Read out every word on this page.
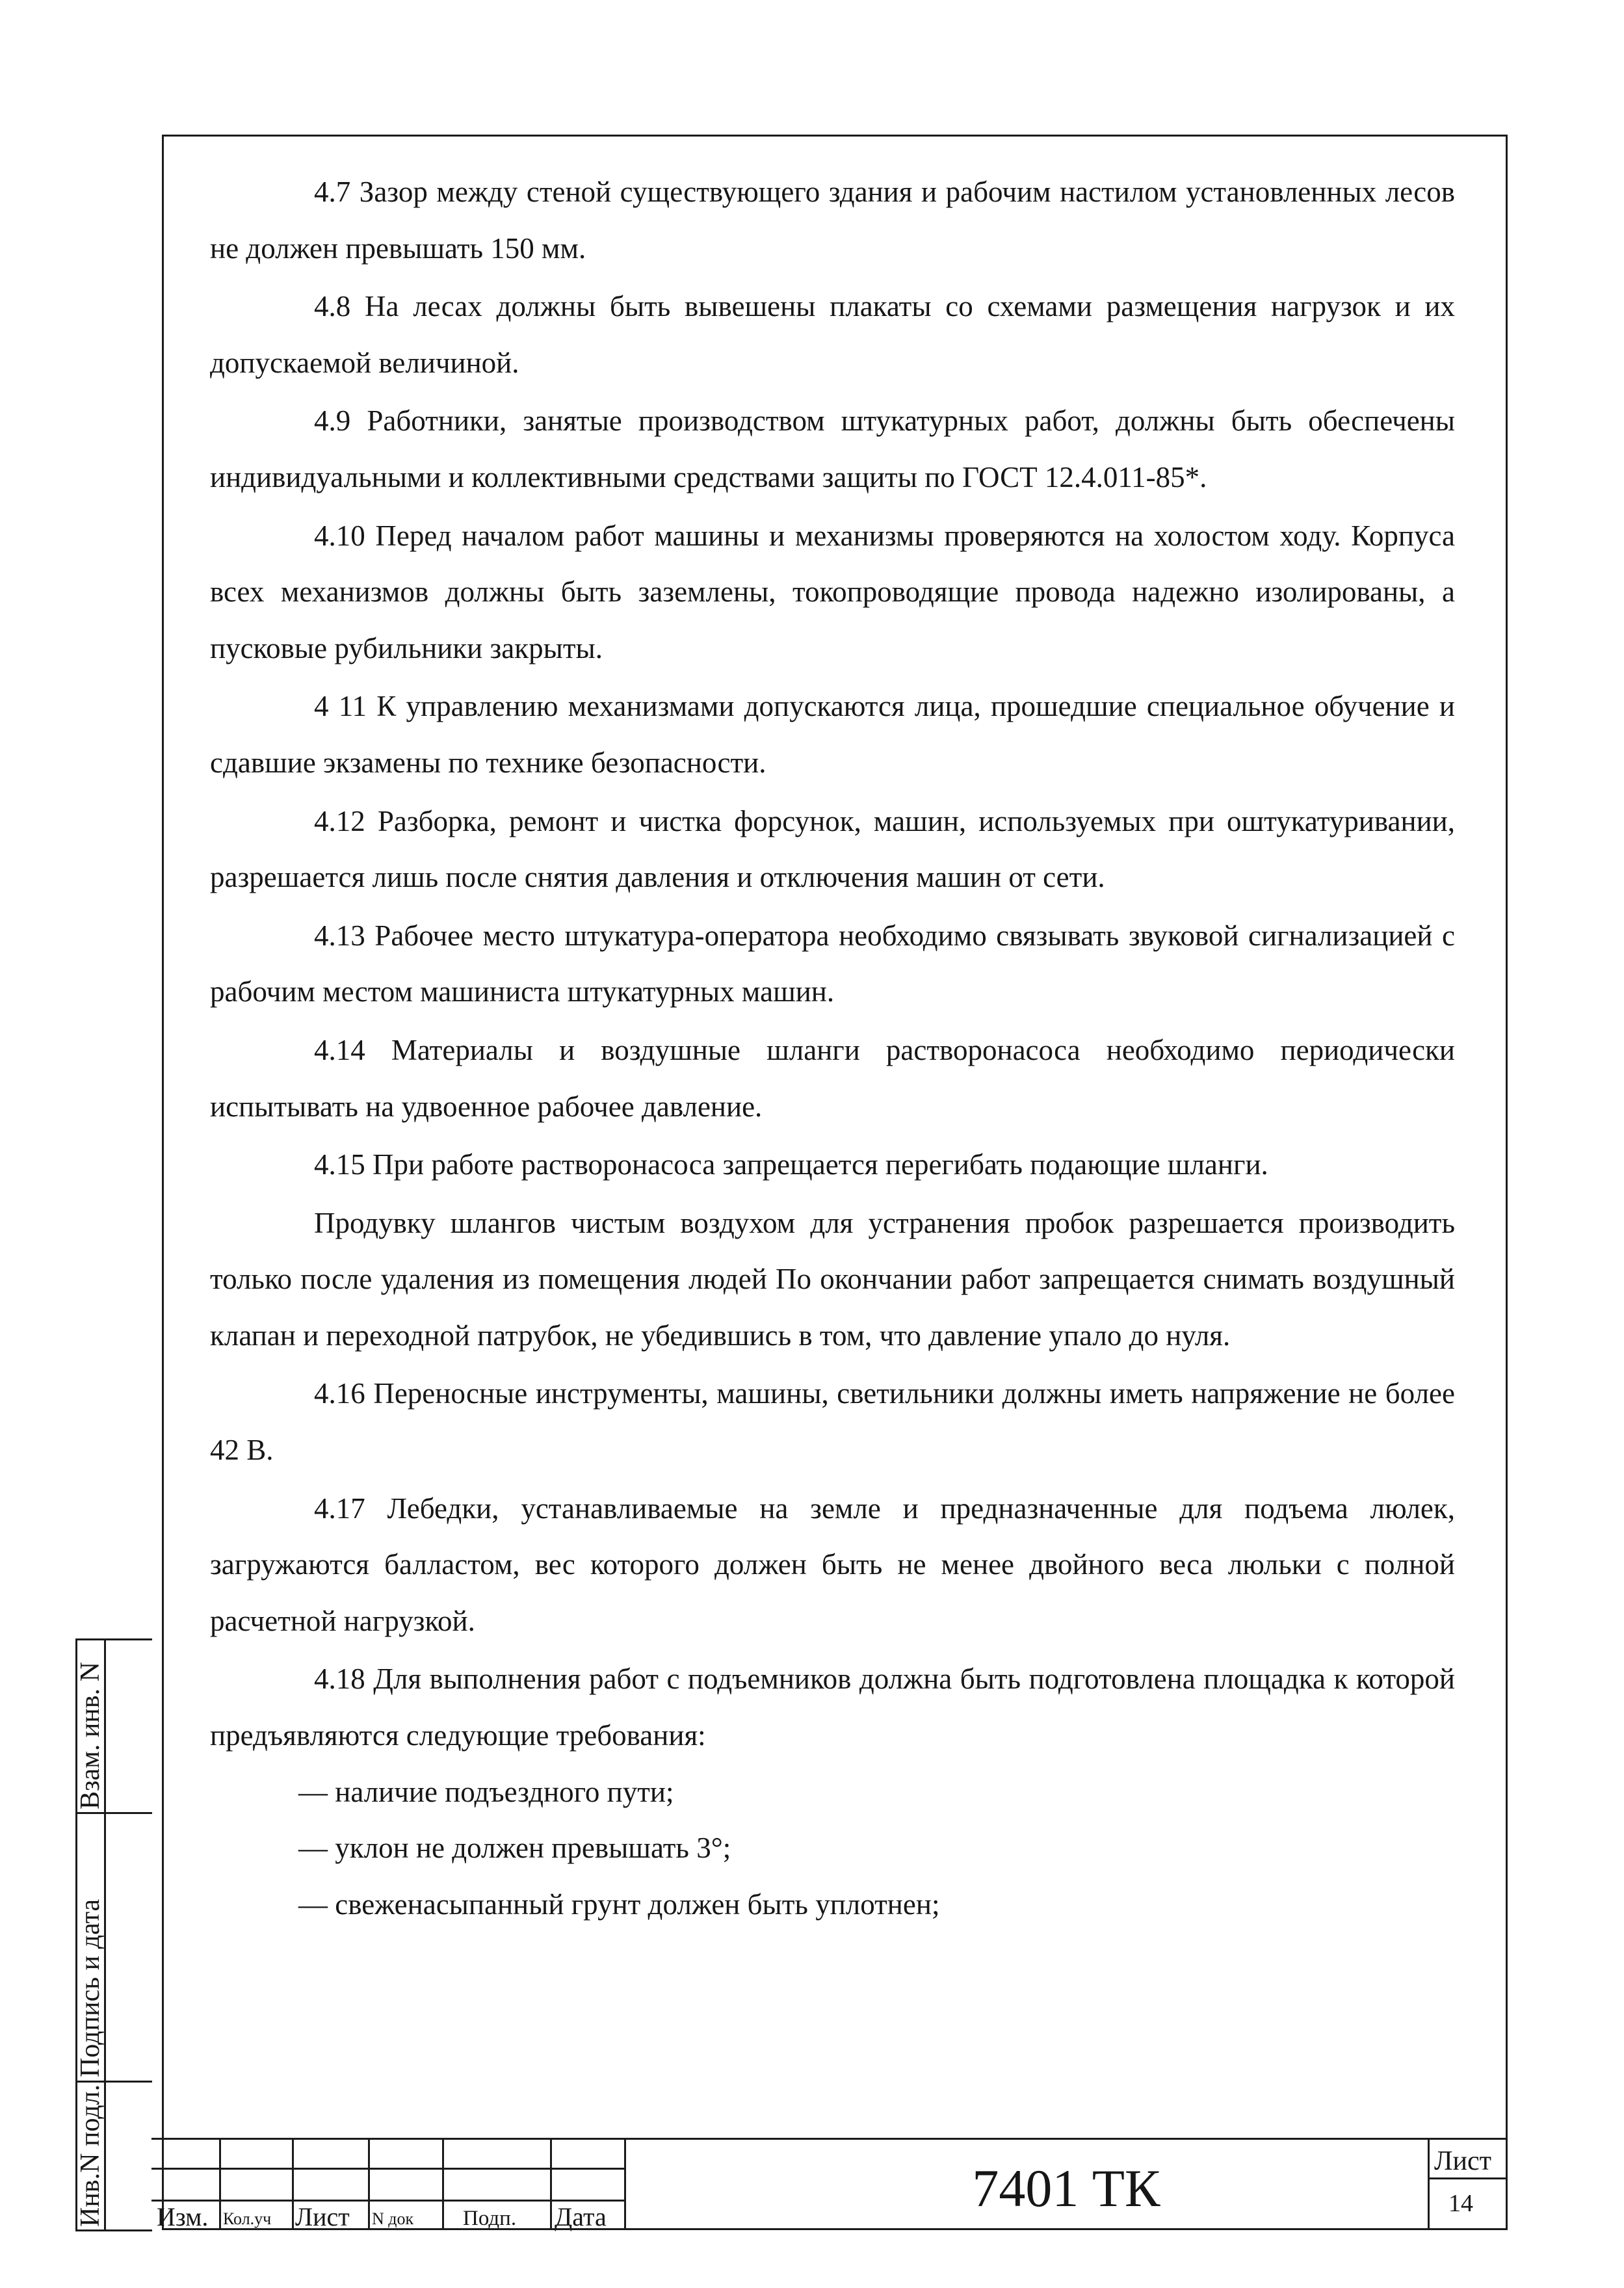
4.7 Зазор между стеной существующего здания и рабочим настилом установленных лесов не должен превышать 150 мм.

4.8 На лесах должны быть вывешены плакаты со схемами размещения нагрузок и их допускаемой величиной.

4.9 Работники, занятые производством штукатурных работ, должны быть обеспечены индивидуальными и коллективными средствами защиты по ГОСТ 12.4.011-85*.

4.10 Перед началом работ машины и механизмы проверяются на холостом ходу. Корпуса всех механизмов должны быть заземлены, токопроводящие провода надежно изолированы, а пусковые рубильники закрыты.

4 11 К управлению механизмами допускаются лица, прошедшие специальное обучение и сдавшие экзамены по технике безопасности.

4.12 Разборка, ремонт и чистка форсунок, машин, используемых при оштукатуривании, разрешается лишь после снятия давления и отключения машин от сети.

4.13 Рабочее место штукатура-оператора необходимо связывать звуковой сигнализацией с рабочим местом машиниста штукатурных машин.

4.14 Материалы и воздушные шланги растворонасоса необходимо периодически испытывать на удвоенное рабочее давление.

4.15 При работе растворонасоса запрещается перегибать подающие шланги.

Продувку шлангов чистым воздухом для устранения пробок разрешается производить только после удаления из помещения людей По окончании работ запрещается снимать воздушный клапан и переходной патрубок, не убедившись в том, что давление упало до нуля.

4.16 Переносные инструменты, машины, светильники должны иметь напряжение не более 42 В.

4.17 Лебедки, устанавливаемые на земле и предназначенные для подъема люлек, загружаются балластом, вес которого должен быть не менее двойного веса люльки с полной расчетной нагрузкой.

4.18 Для выполнения работ с подъемников должна быть подготовлена площадка к которой предъявляются следующие требования:

— наличие подъездного пути;

— уклон не должен превышать 3°;

— свеженасыпанный грунт должен быть уплотнен;

Инв.N подл.
Подпись и дата
Взам. инв. N
Изм. Кол.уч Лист N док Подп. Дата	7401 ТК	Лист
14
